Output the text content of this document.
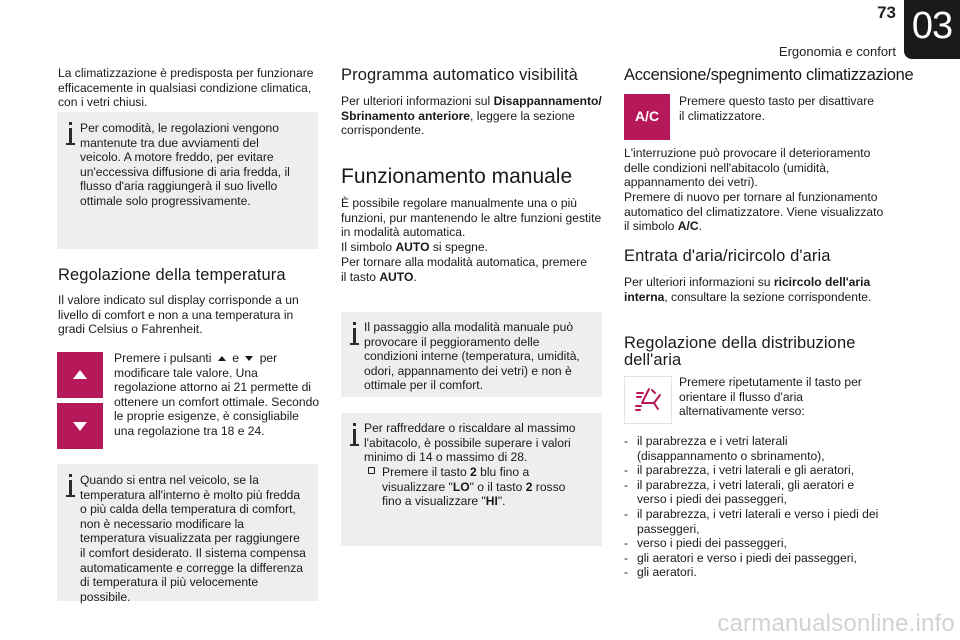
73
Ergonomia e confort
03

La climatizzazione è predisposta per funzionare efficacemente in qualsiasi condizione climatica, con i vetri chiusi.

Per comodità, le regolazioni vengono mantenute tra due avviamenti del veicolo. A motore freddo, per evitare un'eccessiva diffusione di aria fredda, il flusso d'aria raggiungerà il suo livello ottimale solo progressivamente.

Regolazione della temperatura

Il valore indicato sul display corrisponde a un livello di comfort e non a una temperatura in gradi Celsius o Fahrenheit.

Premere i pulsanti e per modificare tale valore. Una regolazione attorno ai 21 permette di ottenere un comfort ottimale. Secondo le proprie esigenze, è consigliabile una regolazione tra 18 e 24.

Quando si entra nel veicolo, se la temperatura all'interno è molto più fredda o più calda della temperatura di comfort, non è necessario modificare la temperatura visualizzata per raggiungere il comfort desiderato. Il sistema compensa automaticamente e corregge la differenza di temperatura il più velocemente possibile.

Programma automatico visibilità

Per ulteriori informazioni sul Disappannamento/ Sbrinamento anteriore, leggere la sezione corrispondente.

Funzionamento manuale

È possibile regolare manualmente una o più funzioni, pur mantenendo le altre funzioni gestite in modalità automatica.

Il simbolo AUTO si spegne.

Per tornare alla modalità automatica, premere il tasto AUTO.

Il passaggio alla modalità manuale può provocare il peggioramento delle condizioni interne (temperatura, umidità, odori, appannamento dei vetri) e non è ottimale per il comfort.

Per raffreddare o riscaldare al massimo l'abitacolo, è possibile superare i valori minimo di 14 o massimo di 28.

Premere il tasto 2 blu fino a visualizzare "LO" o il tasto 2 rosso fino a visualizzare "HI".

Accensione/spegnimento climatizzazione
A/C

Premere questo tasto per disattivare il climatizzatore.

L'interruzione può provocare il deterioramento delle condizioni nell'abitacolo (umidità, appannamento dei vetri).

Premere di nuovo per tornare al funzionamento automatico del climatizzatore. Viene visualizzato il simbolo A/C.

Entrata d'aria/ricircolo d'aria

Per ulteriori informazioni su ricircolo dell'aria interna, consultare la sezione corrispondente.

Regolazione della distribuzione dell'aria

Premere ripetutamente il tasto per orientare il flusso d'aria alternativamente verso:

- il parabrezza e i vetri laterali (disappannamento o sbrinamento),

- il parabrezza, i vetri laterali e gli aeratori,

- il parabrezza, i vetri laterali, gli aeratori e verso i piedi dei passeggeri,

- il parabrezza, i vetri laterali e verso i piedi dei passeggeri,

- verso i piedi dei passeggeri,

- gli aeratori e verso i piedi dei passeggeri,

- gli aeratori.

carmanualsonline.info
